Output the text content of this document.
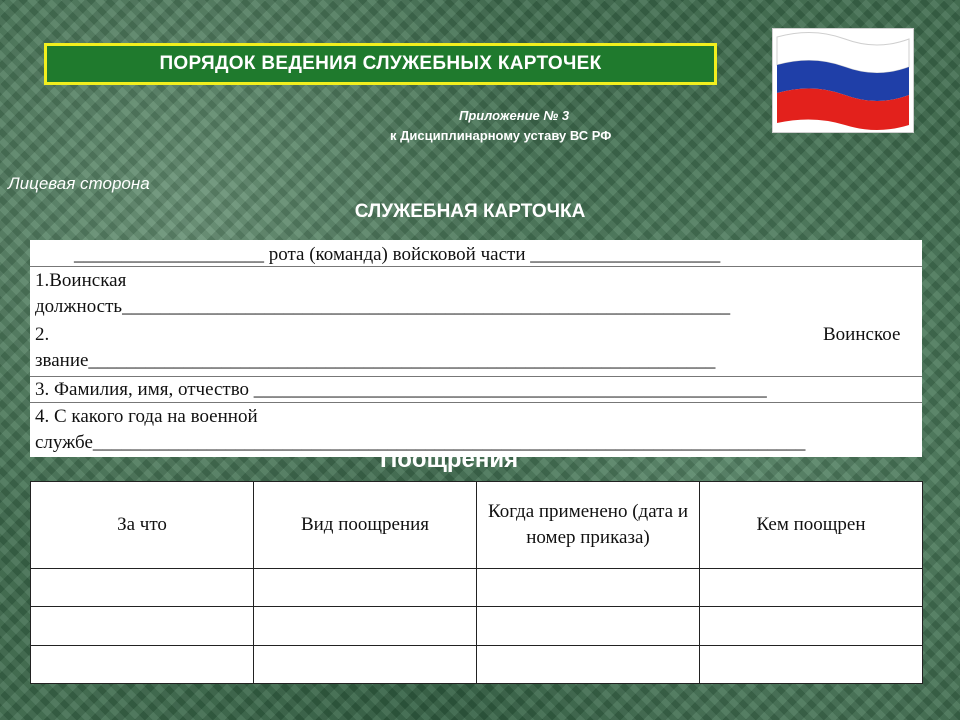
ПОРЯДОК ВЕДЕНИЯ СЛУЖЕБНЫХ КАРТОЧЕК
Приложение № 3
к Дисциплинарному уставу ВС РФ
Лицевая сторона
СЛУЖЕБНАЯ КАРТОЧКА
____________________ рота (команда) войсковой части ____________________
1.Воинская
должность________________________________________________________________
2.	Воинское
звание__________________________________________________________________
3. Фамилия, имя, отчество ______________________________________________________
4. С какого года на военной
службе___________________________________________________________________________
Поощрения
За что	Вид поощрения	Когда применено (дата и номер приказа)	Кем поощрен
